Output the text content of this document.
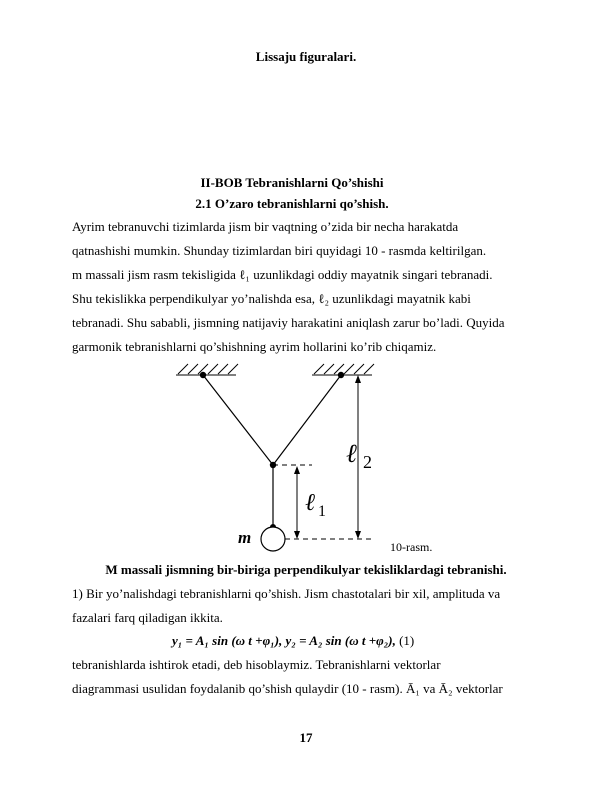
Lissaju figuralari.
II-BOB Tebranishlarni Qo’shishi
2.1 O’zaro tebranishlarni qo’shish.
Ayrim tebranuvchi tizimlarda jism bir vaqtning o’zida bir necha harakatda
qatnashishi mumkin. Shunday tizimlardan biri quyidagi 10 - rasmda keltirilgan.
m massali jism rasm tekisligida ℓ₁ uzunlikdagi oddiy mayatnik singari tebranadi.
Shu tekislikka perpendikulyar yo’nalishda esa, ℓ₂ uzunlikdagi mayatnik kabi
tebranadi. Shu sababli, jismning natijaviy harakatini aniqlash zarur bo’ladi. Quyida
garmonik tebranishlarni qo’shishning ayrim hollarini ko’rib chiqamiz.
ℓ 2
ℓ 1
m	10-rasm.
M massali jismning bir-biriga perpendikulyar tekisliklardagi tebranishi.
1) Bir yo’nalishdagi tebranishlarni qo’shish. Jism chastotalari bir xil, amplituda va
fazalari farq qiladigan ikkita.
y₁ = A₁ sin (ω t +φ₁), y₂ = A₂ sin (ω t +φ₂), (1)
tebranishlarda ishtirok etadi, deb hisoblaymiz. Tebranishlarni vektorlar
diagrammasi usulidan foydalanib qo’shish qulaydir (10 - rasm). Ā₁ va Ā₂ vektorlar
17
